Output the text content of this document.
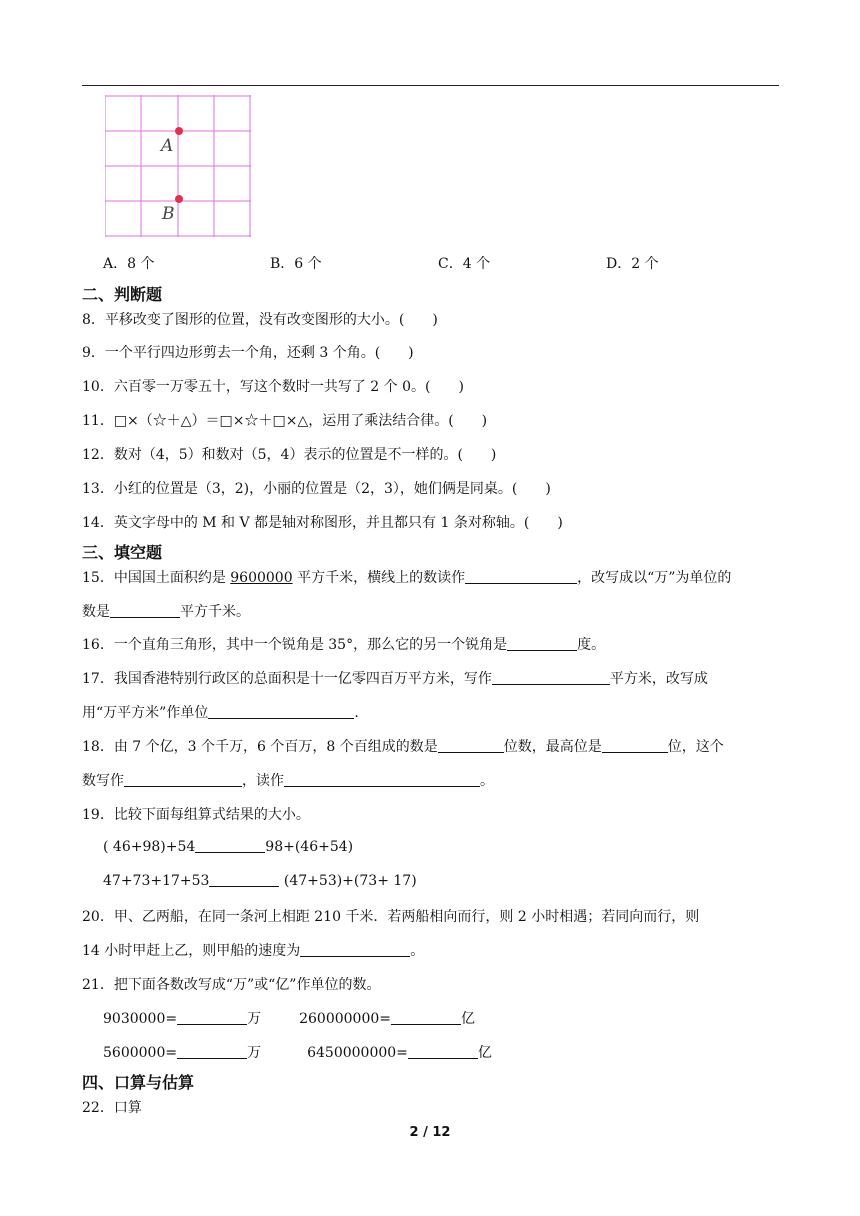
A
B
A．8 个	B．6 个	C．4 个	D．2 个
二、判断题
8．平移改变了图形的位置，没有改变图形的大小。(　　)
9．一个平行四边形剪去一个角，还剩 3 个角。(　　)
10．六百零一万零五十，写这个数时一共写了 2 个 0。(　　)
11．□×（☆＋△）＝□×☆＋□×△，运用了乘法结合律。(　　)
12．数对（4，5）和数对（5，4）表示的位置是不一样的。(　　)
13．小红的位置是（3，2)，小丽的位置是（2，3），她们俩是同桌。(　　)
14．英文字母中的 M 和 V 都是轴对称图形，并且都只有 1 条对称轴。(　　)
三、填空题
15．中国国土面积约是 9600000 平方千米，横线上的数读作	，改写成以“万”为单位的
数是	平方千米。
16．一个直角三角形，其中一个锐角是 35°，那么它的另一个锐角是	度。
17．我国香港特别行政区的总面积是十一亿零四百万平方米，写作	平方米，改写成
用“万平方米”作单位	.
18．由 7 个亿，3 个千万，6 个百万，8 个百组成的数是	位数，最高位是	位，这个
数写作	，读作	。
19．比较下面每组算式结果的大小。
( 46+98)+54	98+(46+54)
47+73+17+53	(47+53)+(73+ 17)
20．甲、乙两船，在同一条河上相距 210 千米．若两船相向而行，则 2 小时相遇；若同向而行，则
14 小时甲赶上乙，则甲船的速度为	。
21．把下面各数改写成“万”或“亿”作单位的数。
9030000=	万	260000000=	亿
5600000=	万	6450000000=	亿
四、口算与估算
22．口算
2 / 12
